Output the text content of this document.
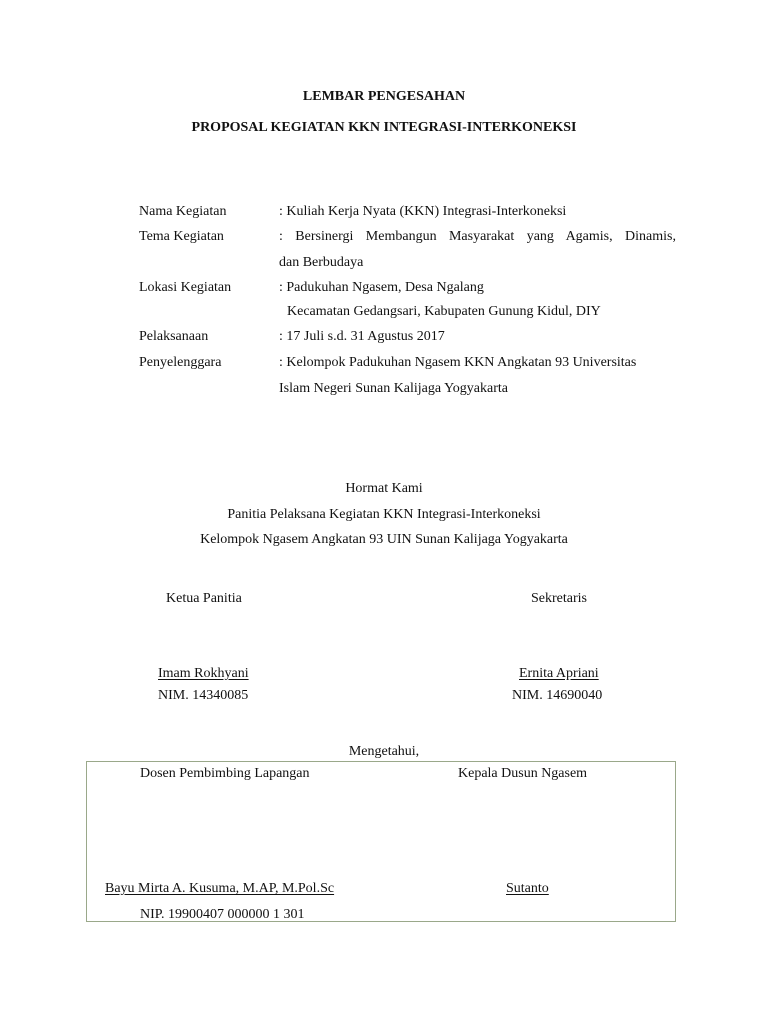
LEMBAR PENGESAHAN
PROPOSAL KEGIATAN KKN INTEGRASI-INTERKONEKSI
Nama Kegiatan	: Kuliah Kerja Nyata (KKN) Integrasi-Interkoneksi
Tema Kegiatan	: Bersinergi Membangun Masyarakat yang Agamis, Dinamis,
dan Berbudaya
Lokasi Kegiatan	: Padukuhan Ngasem, Desa Ngalang
Kecamatan Gedangsari, Kabupaten Gunung Kidul, DIY
Pelaksanaan	: 17 Juli s.d. 31 Agustus 2017
Penyelenggara	: Kelompok Padukuhan Ngasem KKN Angkatan 93 Universitas
Islam Negeri Sunan Kalijaga Yogyakarta
Hormat Kami
Panitia Pelaksana Kegiatan KKN Integrasi-Interkoneksi
Kelompok Ngasem Angkatan 93 UIN Sunan Kalijaga Yogyakarta
Ketua Panitia	Sekretaris
Imam Rokhyani
NIM. 14340085
Ernita Apriani
NIM. 14690040
Mengetahui,
Dosen Pembimbing Lapangan	Kepala Dusun Ngasem
Bayu Mirta A. Kusuma, M.AP, M.Pol.Sc	Sutanto
NIP. 19900407 000000 1 301
